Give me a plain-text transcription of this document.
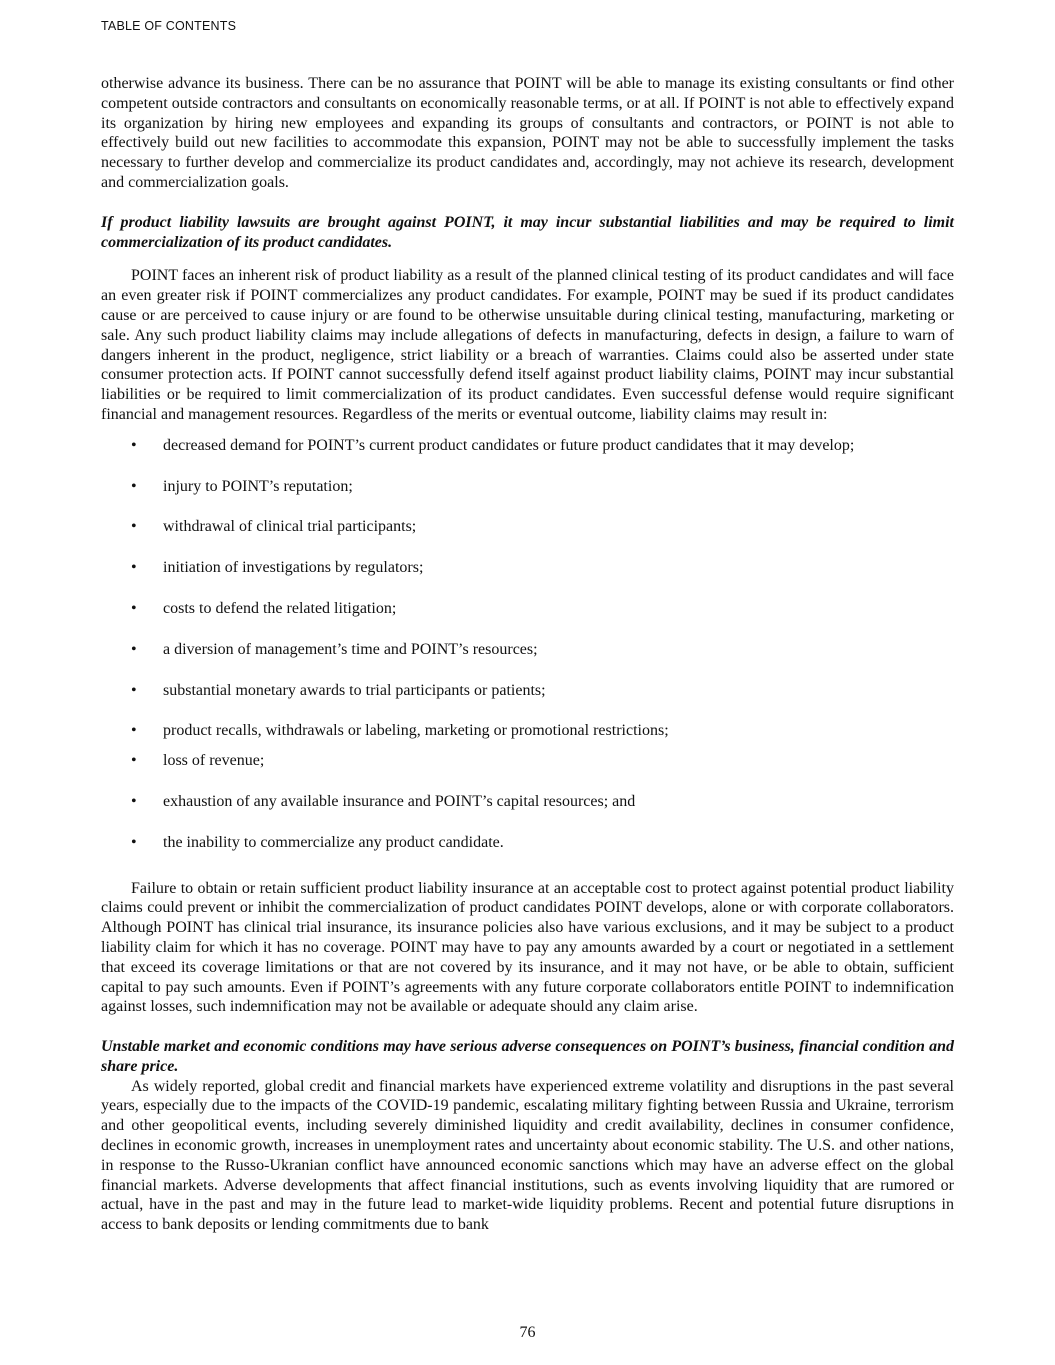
TABLE OF CONTENTS

otherwise advance its business. There can be no assurance that POINT will be able to manage its existing consultants or find other competent outside contractors and consultants on economically reasonable terms, or at all. If POINT is not able to effectively expand its organization by hiring new employees and expanding its groups of consultants and contractors, or POINT is not able to effectively build out new facilities to accommodate this expansion, POINT may not be able to successfully implement the tasks necessary to further develop and commercialize its product candidates and, accordingly, may not achieve its research, development and commercialization goals.

If product liability lawsuits are brought against POINT, it may incur substantial liabilities and may be required to limit commercialization of its product candidates.

POINT faces an inherent risk of product liability as a result of the planned clinical testing of its product candidates and will face an even greater risk if POINT commercializes any product candidates. For example, POINT may be sued if its product candidates cause or are perceived to cause injury or are found to be otherwise unsuitable during clinical testing, manufacturing, marketing or sale. Any such product liability claims may include allegations of defects in manufacturing, defects in design, a failure to warn of dangers inherent in the product, negligence, strict liability or a breach of warranties. Claims could also be asserted under state consumer protection acts. If POINT cannot successfully defend itself against product liability claims, POINT may incur substantial liabilities or be required to limit commercialization of its product candidates. Even successful defense would require significant financial and management resources. Regardless of the merits or eventual outcome, liability claims may result in:

• decreased demand for POINT’s current product candidates or future product candidates that it may develop;
• injury to POINT’s reputation;
• withdrawal of clinical trial participants;
• initiation of investigations by regulators;
• costs to defend the related litigation;
• a diversion of management’s time and POINT’s resources;
• substantial monetary awards to trial participants or patients;
• product recalls, withdrawals or labeling, marketing or promotional restrictions;
• loss of revenue;
• exhaustion of any available insurance and POINT’s capital resources; and
• the inability to commercialize any product candidate.

Failure to obtain or retain sufficient product liability insurance at an acceptable cost to protect against potential product liability claims could prevent or inhibit the commercialization of product candidates POINT develops, alone or with corporate collaborators. Although POINT has clinical trial insurance, its insurance policies also have various exclusions, and it may be subject to a product liability claim for which it has no coverage. POINT may have to pay any amounts awarded by a court or negotiated in a settlement that exceed its coverage limitations or that are not covered by its insurance, and it may not have, or be able to obtain, sufficient capital to pay such amounts. Even if POINT’s agreements with any future corporate collaborators entitle POINT to indemnification against losses, such indemnification may not be available or adequate should any claim arise.

Unstable market and economic conditions may have serious adverse consequences on POINT’s business, financial condition and share price.

As widely reported, global credit and financial markets have experienced extreme volatility and disruptions in the past several years, especially due to the impacts of the COVID-19 pandemic, escalating military fighting between Russia and Ukraine, terrorism and other geopolitical events, including severely diminished liquidity and credit availability, declines in consumer confidence, declines in economic growth, increases in unemployment rates and uncertainty about economic stability. The U.S. and other nations, in response to the Russo-Ukranian conflict have announced economic sanctions which may have an adverse effect on the global financial markets. Adverse developments that affect financial institutions, such as events involving liquidity that are rumored or actual, have in the past and may in the future lead to market-wide liquidity problems. Recent and potential future disruptions in access to bank deposits or lending commitments due to bank

76
